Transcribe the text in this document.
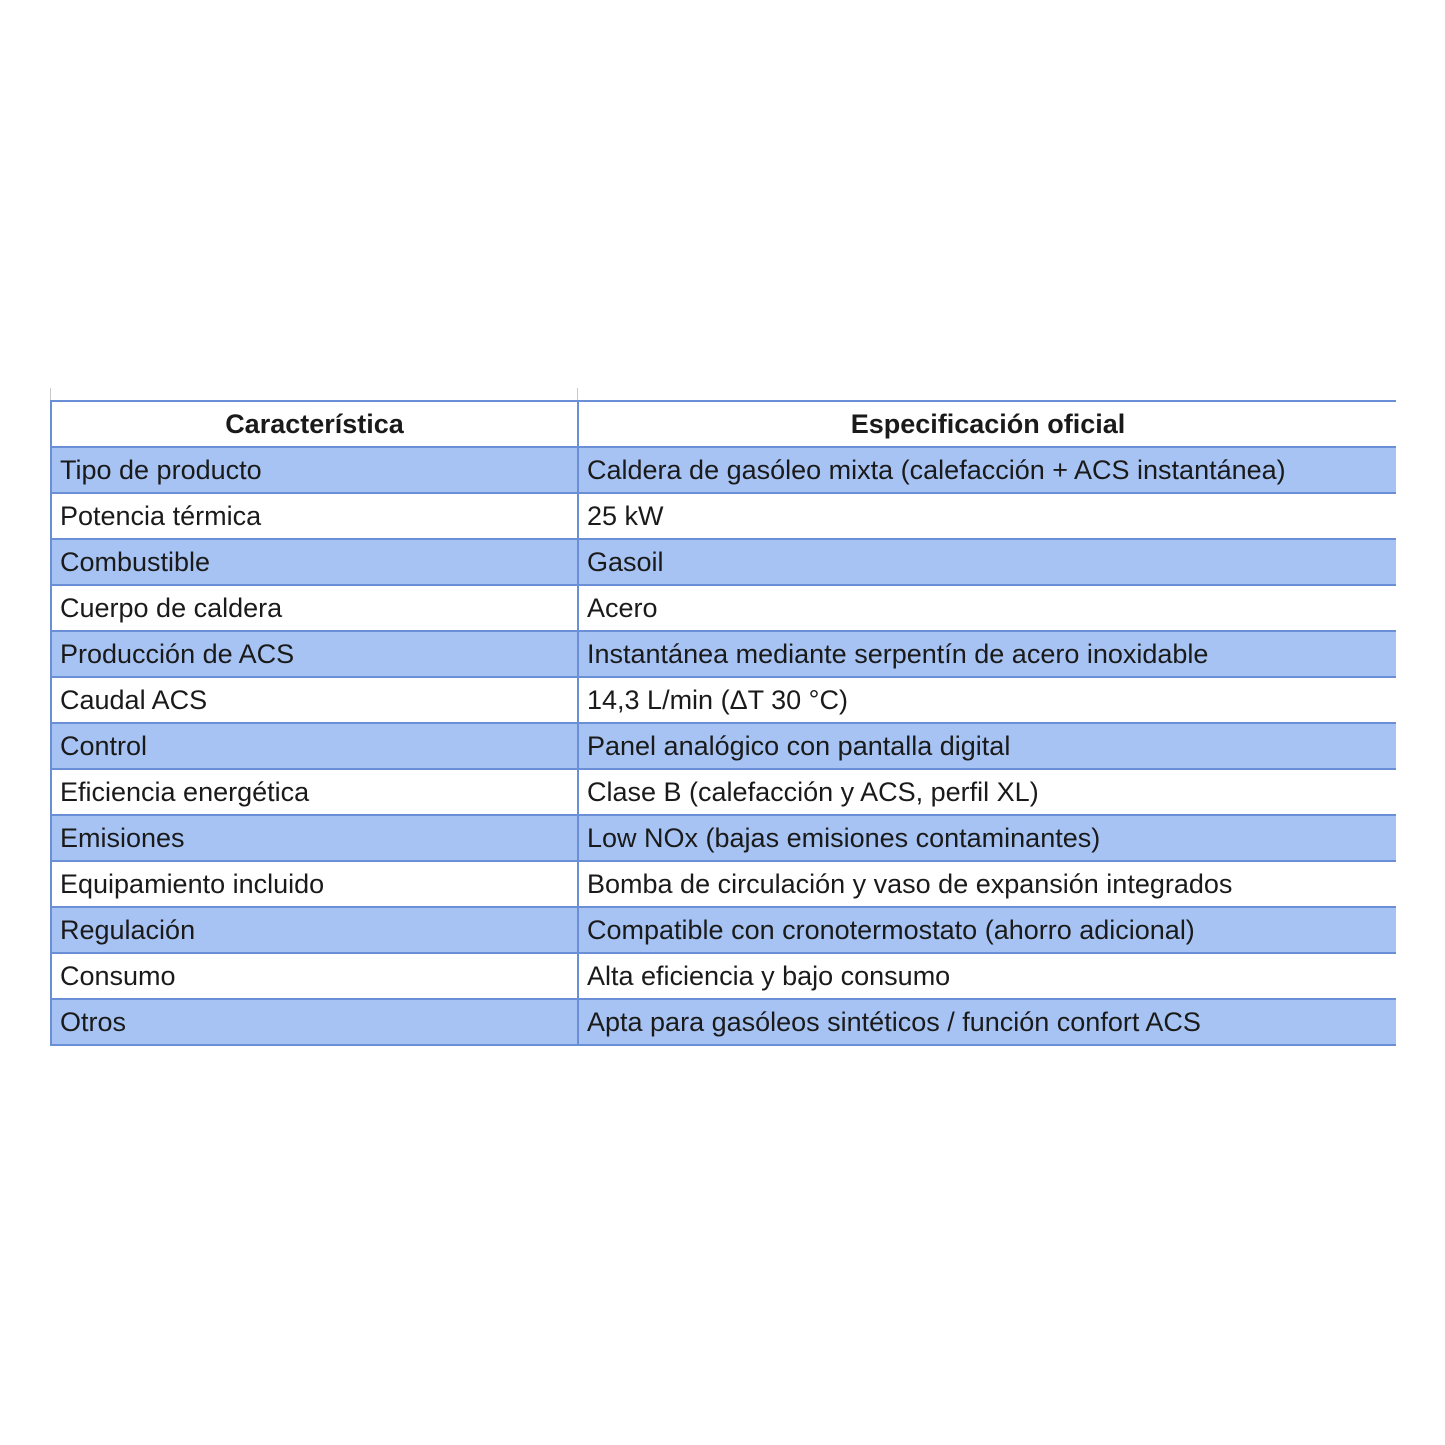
Característica	Especificación oficial
Tipo de producto	Caldera de gasóleo mixta (calefacción + ACS instantánea)
Potencia térmica	25 kW
Combustible	Gasoil
Cuerpo de caldera	Acero
Producción de ACS	Instantánea mediante serpentín de acero inoxidable
Caudal ACS	14,3 L/min (ΔT 30 °C)
Control	Panel analógico con pantalla digital
Eficiencia energética	Clase B (calefacción y ACS, perfil XL)
Emisiones	Low NOx (bajas emisiones contaminantes)
Equipamiento incluido	Bomba de circulación y vaso de expansión integrados
Regulación	Compatible con cronotermostato (ahorro adicional)
Consumo	Alta eficiencia y bajo consumo
Otros	Apta para gasóleos sintéticos / función confort ACS
